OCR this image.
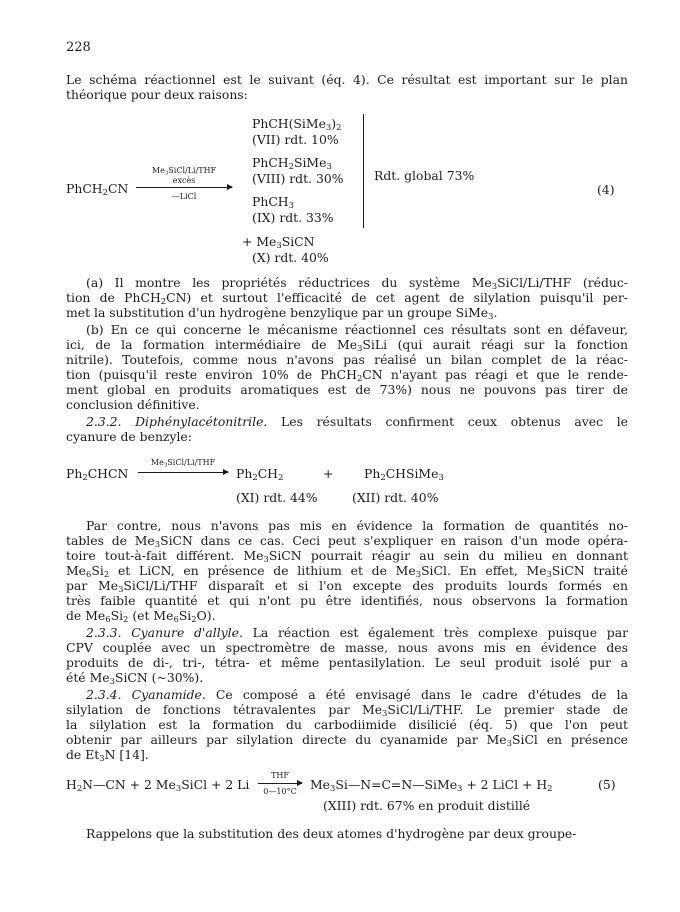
228
Le schéma réactionnel est le suivant (éq. 4). Ce résultat est important sur le plan
théorique pour deux raisons:
PhCH$_2$CN
$Me_3SiCl/Li$/THF
excès
—LiCl
$PhCH(SiMe_3)_2$
(VII) rdt. 10%
PhCH$_2$SiMe$_3$
(VIII) rdt. 30%
PhCH$_3$
(IX) rdt. 33%
+ $Me_3SiCN$
(X) rdt. 40%
Rdt. global 73%
(4)
(a) Il montre les propriétés réductrices du système $Me_3SiCl/Li$/THF (réduc-
tion de PhCH$_2$CN) et surtout l'efficacité de cet agent de silylation puisqu'il per-
met la substitution d'un hydrogène benzylique par un groupe SiMe$_3$.
(b) En ce qui concerne le mécanisme réactionnel ces résultats sont en défaveur,
ici, de la formation intermédiaire de $Me_3SiLi$ (qui aurait réagi sur la fonction
nitrile). Toutefois, comme nous n'avons pas réalisé un bilan complet de la réac-
tion (puisqu'il reste environ 10% de PhCH$_2$CN n'ayant pas réagi et que le rende-
ment global en produits aromatiques est de 73%) nous ne pouvons pas tirer de
conclusion définitive.
2.3.2. Diphénylacétonitrile. Les résultats confirment ceux obtenus avec le
cyanure de benzyle:
$Ph_2CHCN$
$Me_3SiCl/Li$/THF
$Ph_2CH_2$	+ $Ph_2CHSiMe_3$
(XI) rdt. 44%	(XII) rdt. 40%
Par contre, nous n'avons pas mis en évidence la formation de quantités no-
tables de $Me_3SiCN$ dans ce cas. Ceci peut s'expliquer en raison d'un mode opéra-
toire tout-à-fait différent. $Me_3SiCN$ pourrait réagir au sein du milieu en donnant
$Me_6Si_2$ et LiCN, en présence de lithium et de $Me_3SiCl$. En effet, $Me_3SiCN$ traité
par $Me_3SiCl/Li$/THF disparaît et si l'on excepte des produits lourds formés en
très faible quantité et qui n'ont pu être identifiés, nous observons la formation
de $Me_6Si_2$ (et $Me_6Si_2O$).
2.3.3. Cyanure d'allyle. La réaction est également très complexe puisque par
CPV couplée avec un spectromètre de masse, nous avons mis en évidence des
produits de di-, tri-, tétra- et même pentasilylation. Le seul produit isolé pur a
été $Me_3SiCN$ (~30%).
2.3.4. Cyanamide. Ce composé a été envisagé dans le cadre d'études de la
silylation de fonctions tétravalentes par $Me_3SiCl/Li$/THF. Le premier stade de
la silylation est la formation du carbodiimide disilicié (éq. 5) que l'on peut
obtenir par ailleurs par silylation directe du cyanamide par $Me_3SiCl$ en présence
de $Et_3N$ [14].
$H_2N—CN + 2$ $Me_3SiCl + 2$ Li
THF
0—10°C	$Me_3Si—N=C=N—SiMe_3 + 2$ LiCl + $H_2$	(5)
(XIII) rdt. 67% en produit distillé
Rappelons que la substitution des deux atomes d'hydrogène par deux groupe-
